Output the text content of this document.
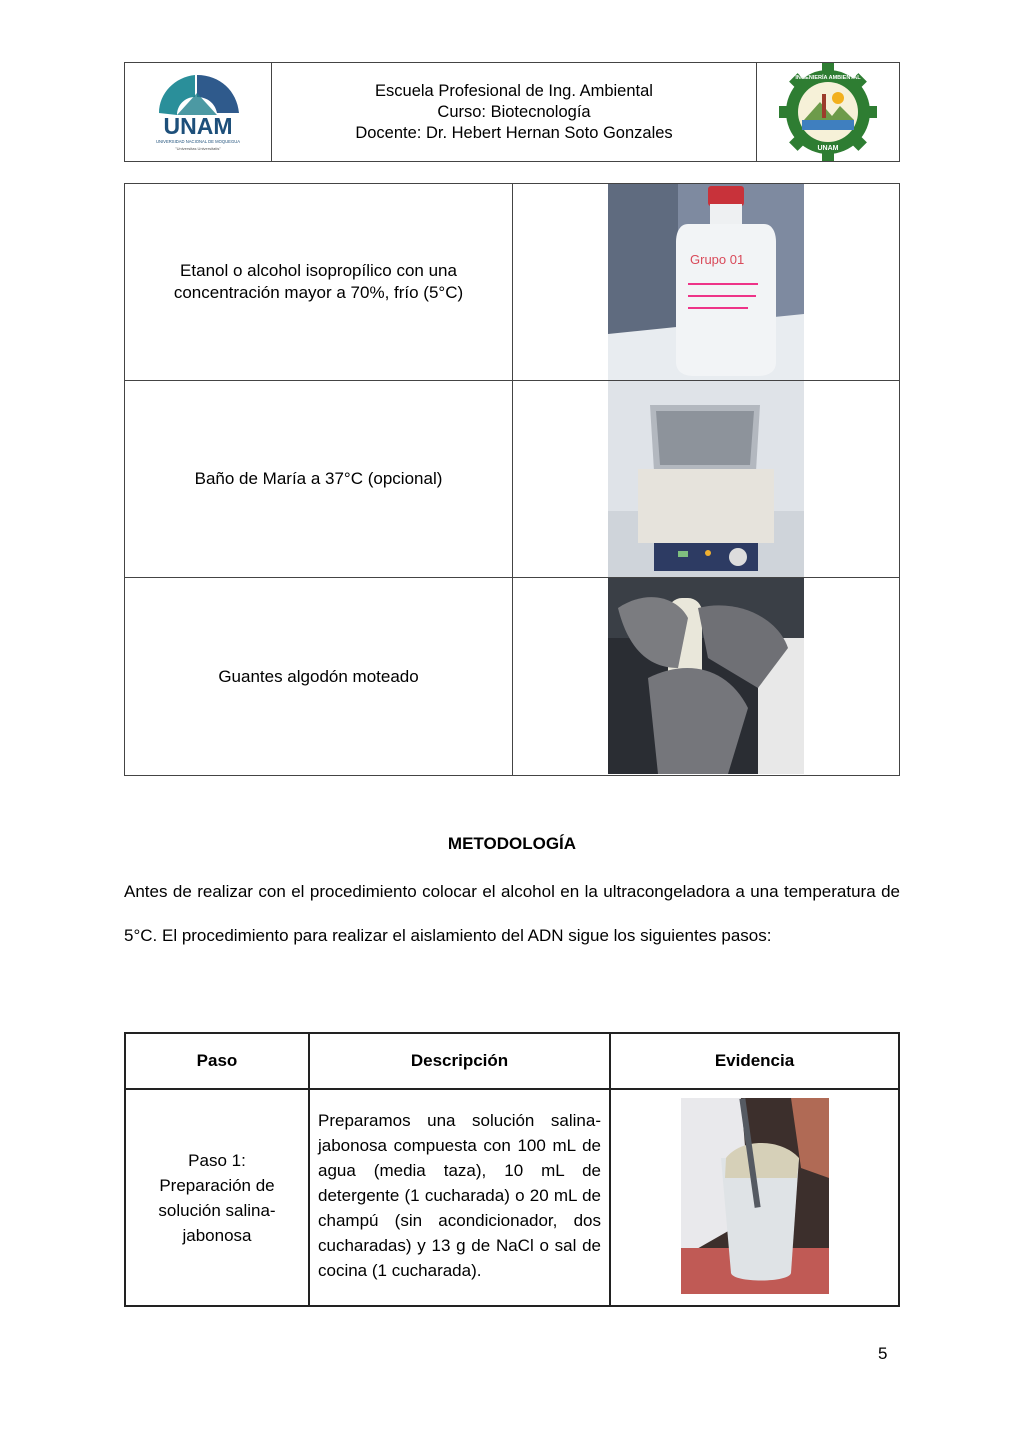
UNAM
UNIVERSIDAD NACIONAL DE MOQUEGUA
"Universitas Universitatis"
Escuela Profesional de Ing. Ambiental
Curso: Biotecnología
Docente: Dr. Hebert Hernan Soto Gonzales
UNAM
INGENIERÍA AMBIENTAL
Etanol o alcohol isopropílico con una concentración mayor a 70%, frío (5°C)
Grupo 01
Baño de María a 37°C (opcional)
Guantes algodón moteado
METODOLOGÍA

Antes de realizar con el procedimiento colocar el alcohol en la ultracongeladora a una temperatura de 5°C. El procedimiento para realizar el aislamiento del ADN sigue los siguientes pasos:

Paso	Descripción	Evidencia
Paso 1: Preparación de solución salina-jabonosa
Preparamos una solución salina-jabonosa compuesta con 100 mL de agua (media taza), 10 mL de detergente (1 cucharada) o 20 mL de champú (sin acondicionador, dos cucharadas) y 13 g de NaCl o sal de cocina (1 cucharada).
5
